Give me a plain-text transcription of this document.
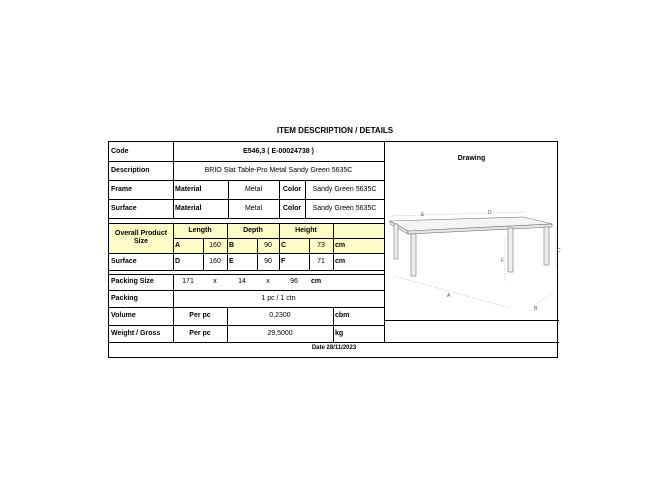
ITEM DESCRIPTION / DETAILS
Code	E546,3 ( E-00024738 )
Description	BRIO Slat Table-Pro Metal Sandy Green 5635C
Frame	Material	Metal	Color	Sandy Green 5635C
Surface	Material	Metal	Color	Sandy Green 5635C
Overall Product
Size
Length	Depth	Height
A	160	B	90	C	73	cm
Surface	D	160	E	90	F	71	cm
Packing Size	171	x	14	x	96	cm
Packing	1 pc / 1 ctn
Volume	Per pc	0,2300	cbm
Weight / Gross	Per pc	29,5000	kg
Drawing
E	D
C
F
A
B
Date 28/11/2023
